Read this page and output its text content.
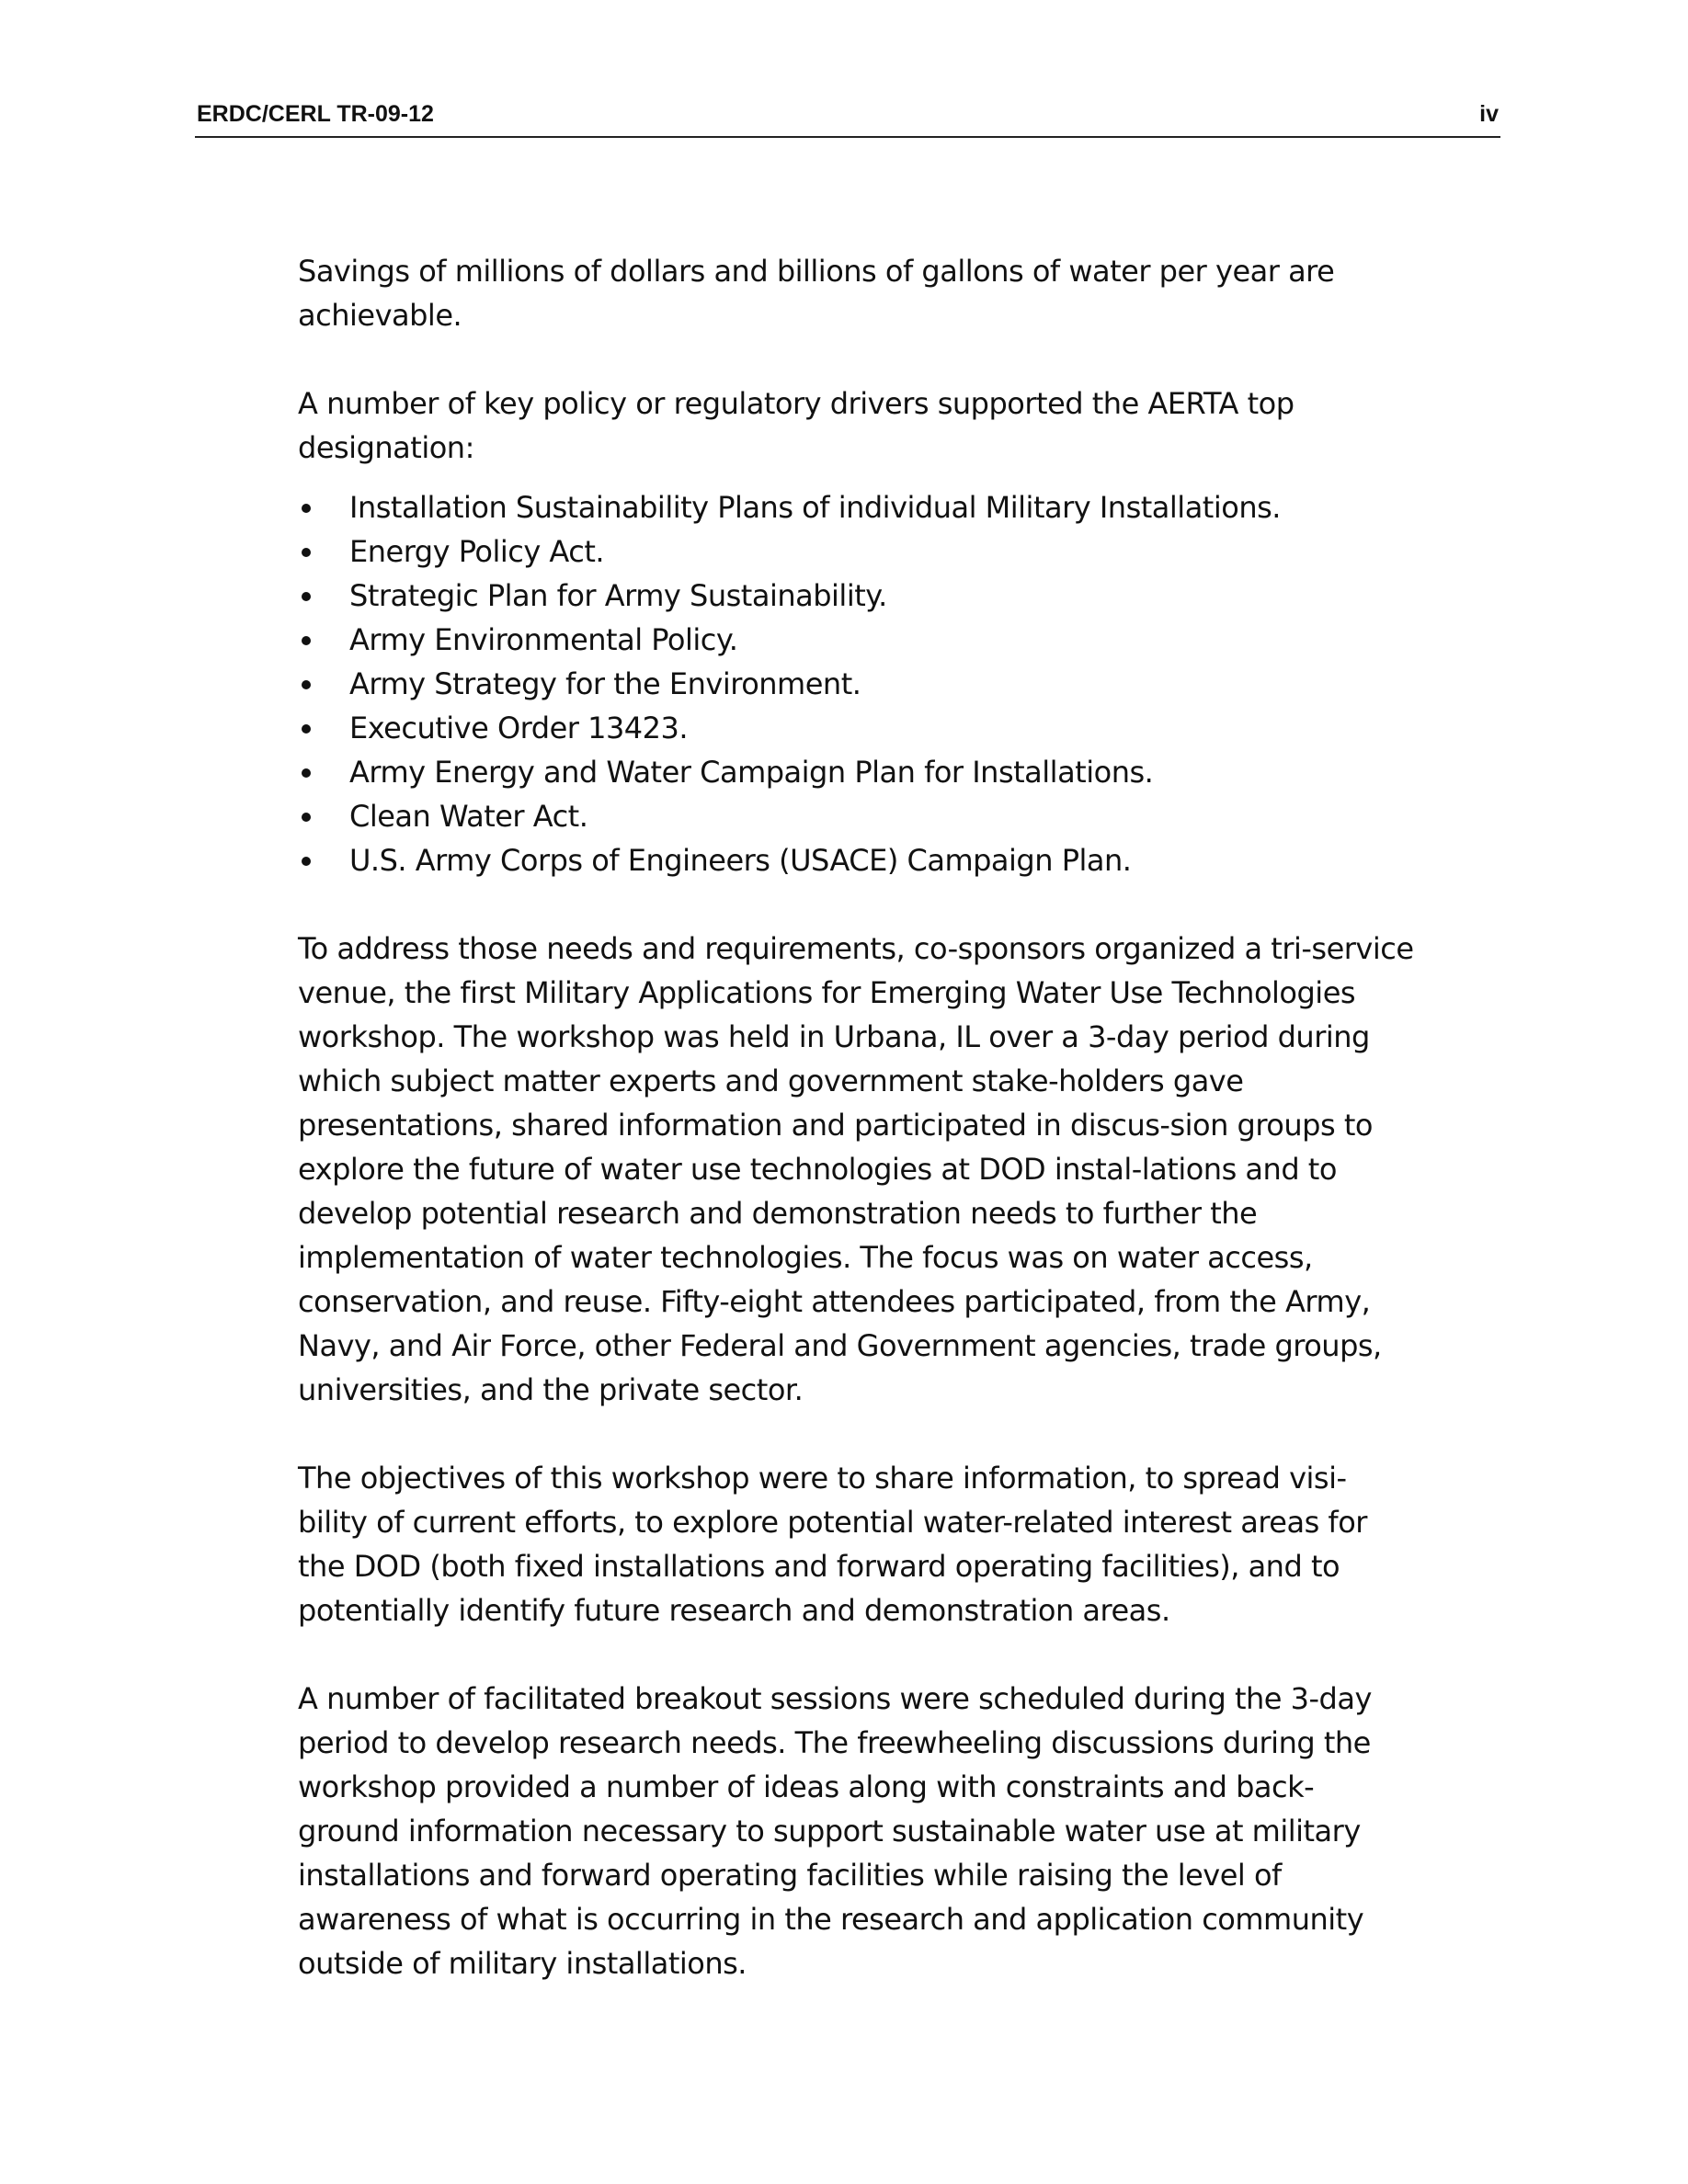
ERDC/CERL TR-09-12	iv

Savings of millions of dollars and billions of gallons of water per year are achievable.

A number of key policy or regulatory drivers supported the AERTA top designation:

Installation Sustainability Plans of individual Military Installations.
Energy Policy Act.
Strategic Plan for Army Sustainability.
Army Environmental Policy.
Army Strategy for the Environment.
Executive Order 13423.
Army Energy and Water Campaign Plan for Installations.
Clean Water Act.
U.S. Army Corps of Engineers (USACE) Campaign Plan.

To address those needs and requirements, co-sponsors organized a tri-service venue, the first Military Applications for Emerging Water Use Technologies workshop. The workshop was held in Urbana, IL over a 3-day period during which subject matter experts and government stake-holders gave presentations, shared information and participated in discus-sion groups to explore the future of water use technologies at DOD instal-lations and to develop potential research and demonstration needs to further the implementation of water technologies. The focus was on water access, conservation, and reuse. Fifty-eight attendees participated, from the Army, Navy, and Air Force, other Federal and Government agencies, trade groups, universities, and the private sector.

The objectives of this workshop were to share information, to spread visi-bility of current efforts, to explore potential water-related interest areas for the DOD (both fixed installations and forward operating facilities), and to potentially identify future research and demonstration areas.

A number of facilitated breakout sessions were scheduled during the 3-day period to develop research needs. The freewheeling discussions during the workshop provided a number of ideas along with constraints and back-ground information necessary to support sustainable water use at military installations and forward operating facilities while raising the level of awareness of what is occurring in the research and application community outside of military installations.
